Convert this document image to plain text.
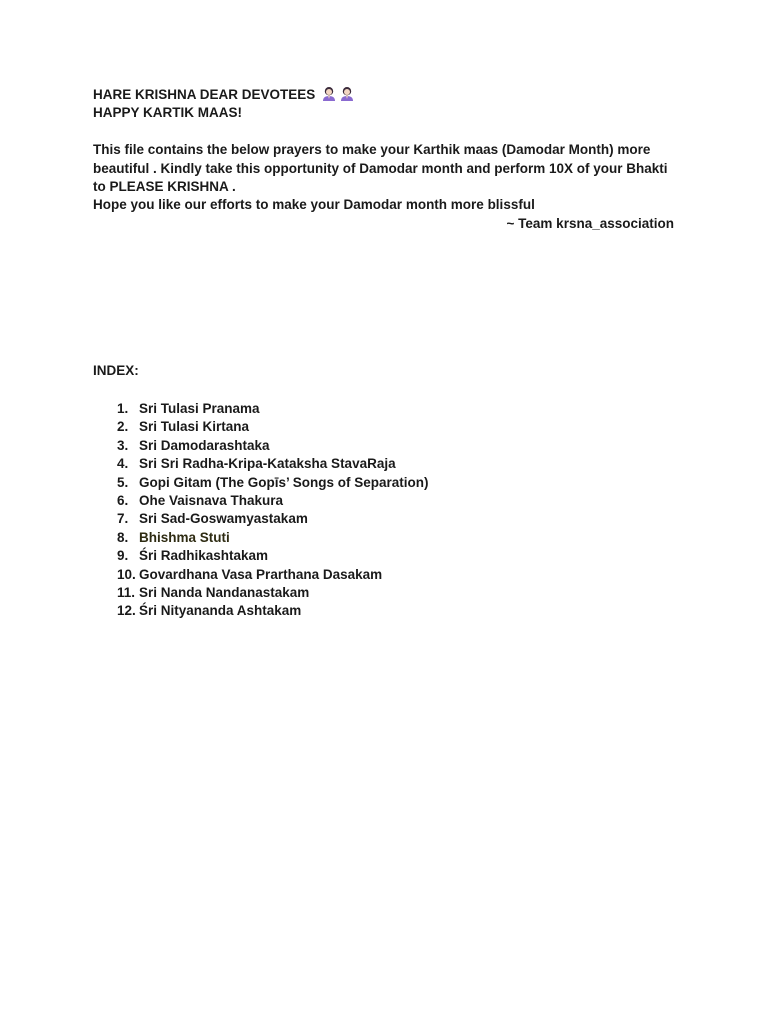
HARE KRISHNA DEAR DEVOTEES

HAPPY KARTIK MAAS!

This file contains the below prayers to make your Karthik maas (Damodar Month) more

beautiful . Kindly take this opportunity of Damodar month and perform 10X of your Bhakti

to PLEASE KRISHNA .

Hope you like our efforts to make your Damodar month more blissful

~ Team krsna_association

INDEX:

1. Sri Tulasi Pranama
2. Sri Tulasi Kirtana
3. Sri Damodarashtaka
4. Sri Sri Radha-Kripa-Kataksha StavaRaja
5. Gopi Gitam (The Gopīs’ Songs of Separation)
6. Ohe Vaisnava Thakura
7. Sri Sad-Goswamyastakam
8. Bhishma Stuti
9. Śri Radhikashtakam
10. Govardhana Vasa Prarthana Dasakam
11. Sri Nanda Nandanastakam
12. Śri Nityananda Ashtakam
